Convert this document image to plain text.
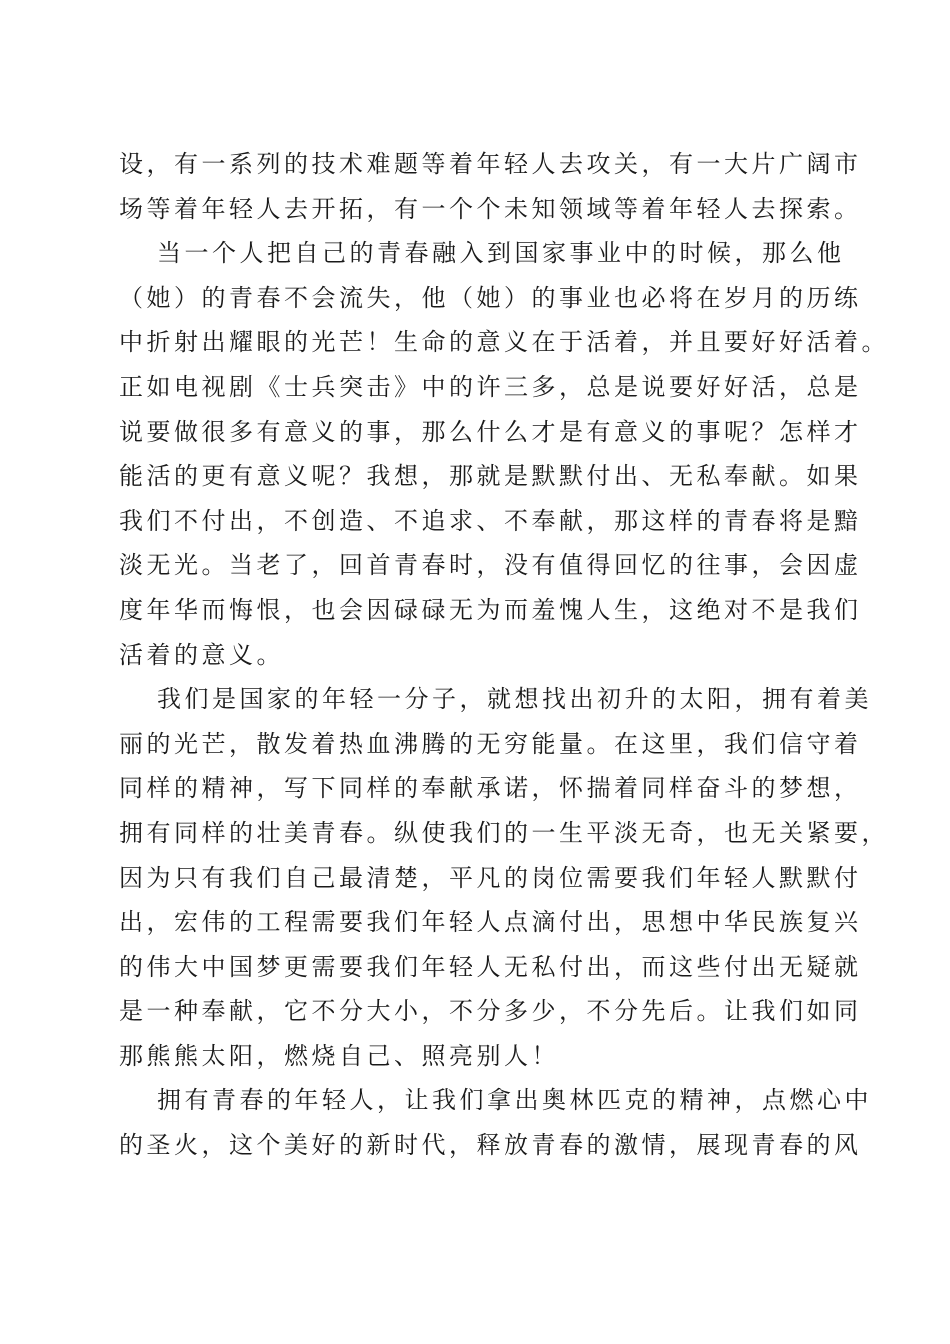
设，有一系列的技术难题等着年轻人去攻关，有一大片广阔市
场等着年轻人去开拓，有一个个未知领域等着年轻人去探索。
当一个人把自己的青春融入到国家事业中的时候，那么他
（她）的青春不会流失，他（她）的事业也必将在岁月的历练
中折射出耀眼的光芒！生命的意义在于活着，并且要好好活着。
正如电视剧《士兵突击》中的许三多，总是说要好好活，总是
说要做很多有意义的事，那么什么才是有意义的事呢？怎样才
能活的更有意义呢？我想，那就是默默付出、无私奉献。如果
我们不付出，不创造、不追求、不奉献，那这样的青春将是黯
淡无光。当老了，回首青春时，没有值得回忆的往事，会因虚
度年华而悔恨，也会因碌碌无为而羞愧人生，这绝对不是我们
活着的意义。
我们是国家的年轻一分子，就想找出初升的太阳，拥有着美
丽的光芒，散发着热血沸腾的无穷能量。在这里，我们信守着
同样的精神，写下同样的奉献承诺，怀揣着同样奋斗的梦想，
拥有同样的壮美青春。纵使我们的一生平淡无奇，也无关紧要，
因为只有我们自己最清楚，平凡的岗位需要我们年轻人默默付
出，宏伟的工程需要我们年轻人点滴付出，思想中华民族复兴
的伟大中国梦更需要我们年轻人无私付出，而这些付出无疑就
是一种奉献，它不分大小，不分多少，不分先后。让我们如同
那熊熊太阳，燃烧自己、照亮别人！
拥有青春的年轻人，让我们拿出奥林匹克的精神，点燃心中
的圣火，这个美好的新时代，释放青春的激情，展现青春的风
